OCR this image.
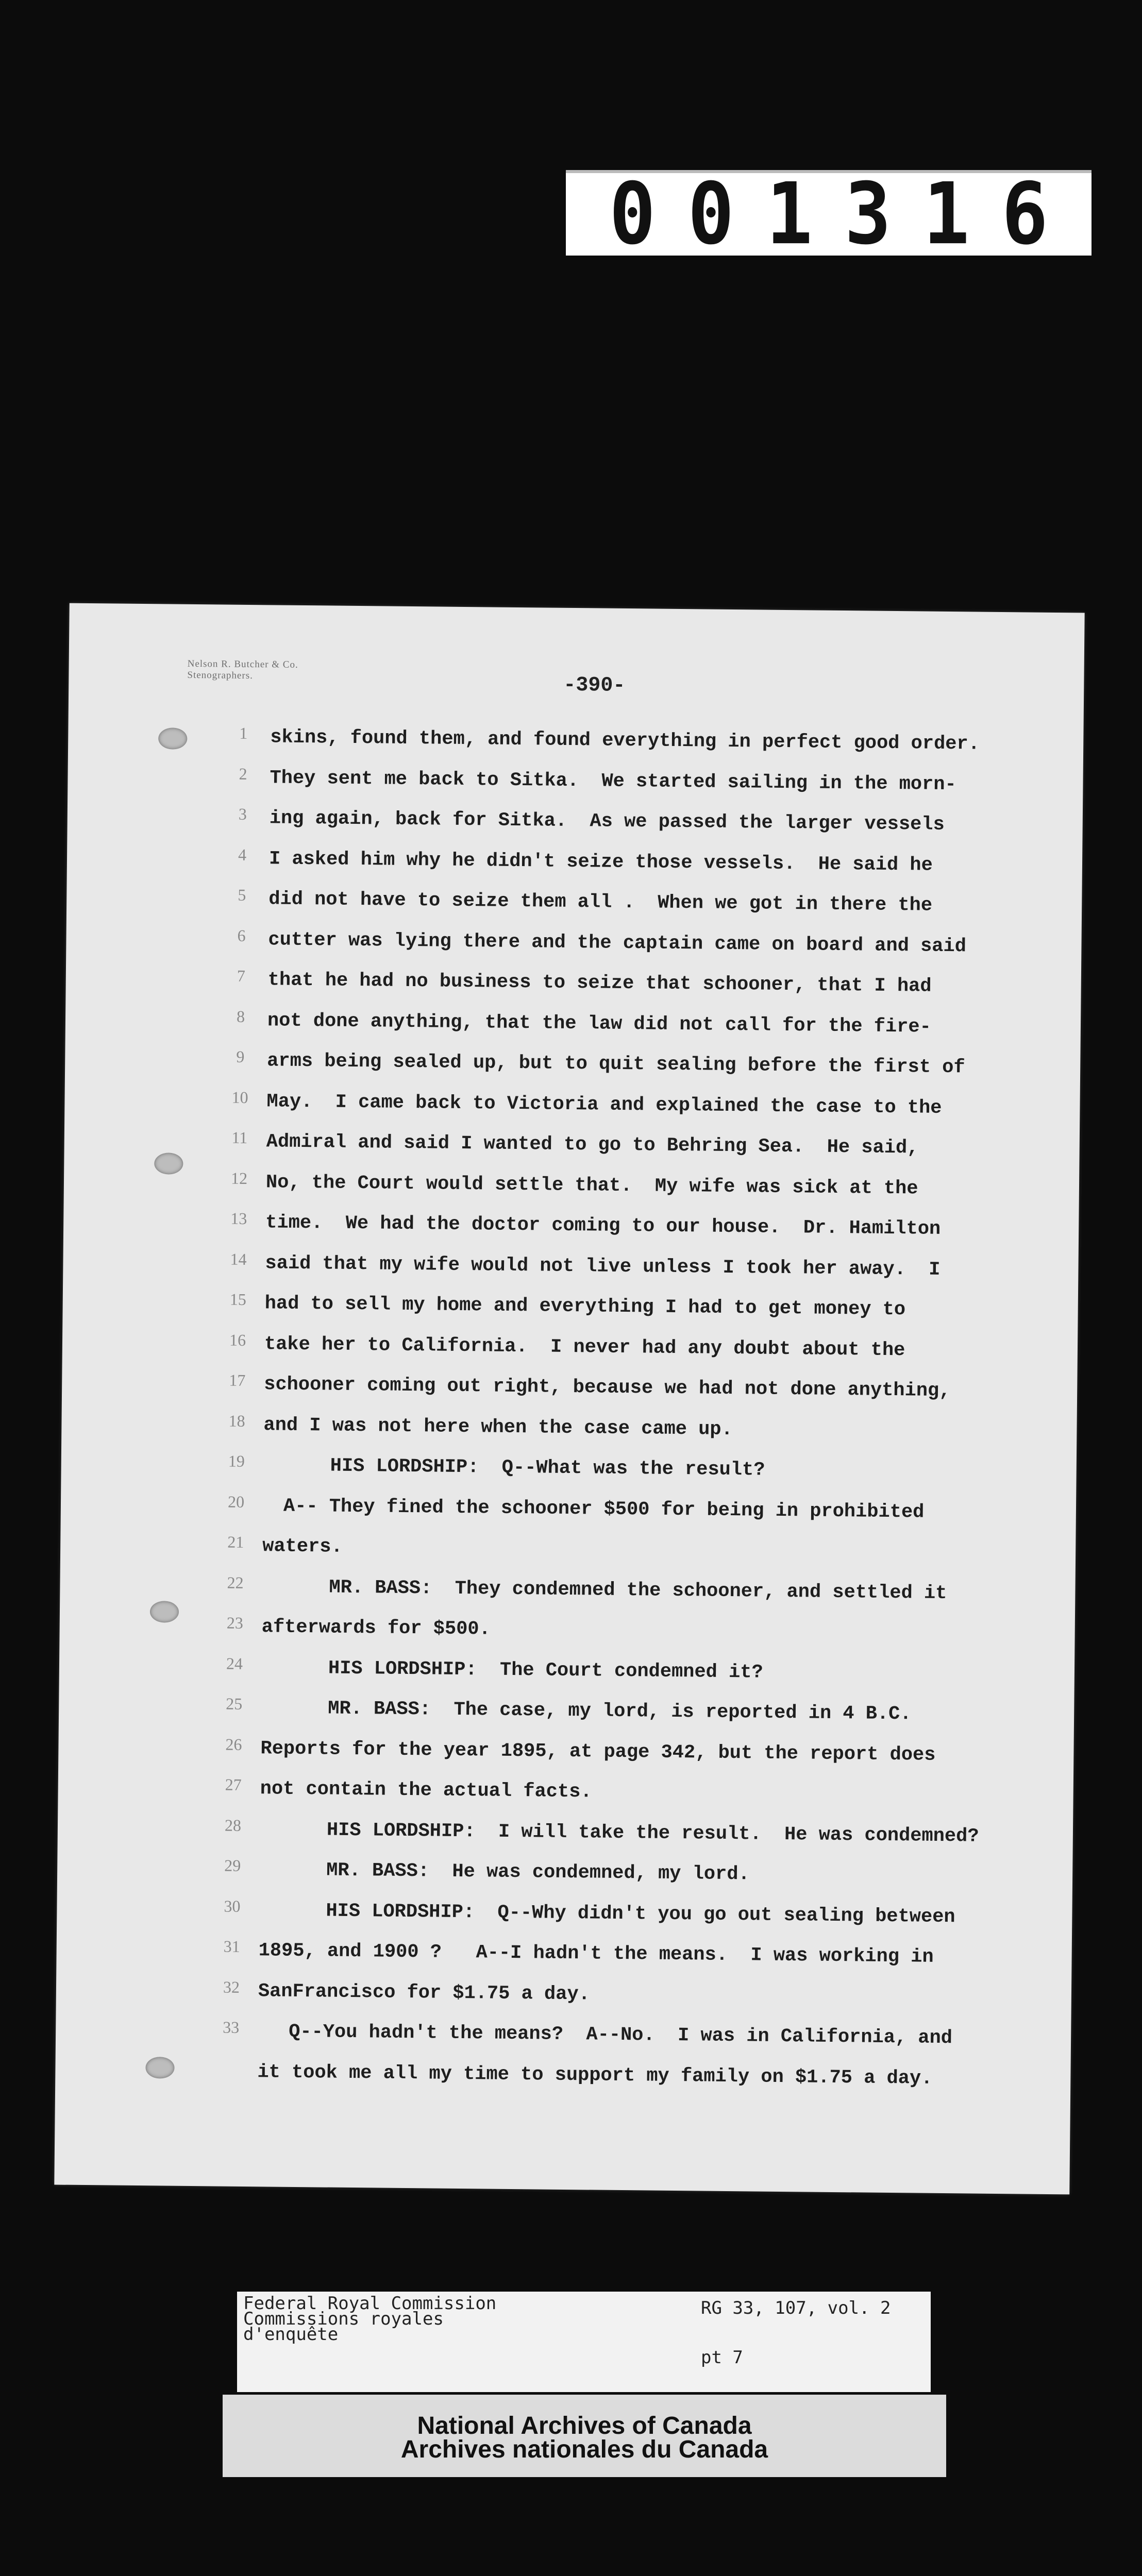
001316
Nelson R. Butcher & Co.
Stenographers.	-390-
1
2
3
4
5
6
7
8
9
10
11
12
13
14
15
16
17
18
19
20
21
22
23
24
25
26
27
28
29
30
31
32
33
skins, found them, and found everything in perfect good order.
They sent me back to Sitka.  We started sailing in the morn-
ing again, back for Sitka.  As we passed the larger vessels
I asked him why he didn't seize those vessels.  He said he
did not have to seize them all .  When we got in there the
cutter was lying there and the captain came on board and said
that he had no business to seize that schooner, that I had
not done anything, that the law did not call for the fire-
arms being sealed up, but to quit sealing before the first of
May.  I came back to Victoria and explained the case to the
Admiral and said I wanted to go to Behring Sea.  He said,
No, the Court would settle that.  My wife was sick at the
time.  We had the doctor coming to our house.  Dr. Hamilton
said that my wife would not live unless I took her away.  I
had to sell my home and everything I had to get money to
take her to California.  I never had any doubt about the
schooner coming out right, because we had not done anything,
and I was not here when the case came up.
HIS LORDSHIP:  Q--What was the result?
A-- They fined the schooner $500 for being in prohibited
waters.
MR. BASS:  They condemned the schooner, and settled it
afterwards for $500.
HIS LORDSHIP:  The Court condemned it?
MR. BASS:  The case, my lord, is reported in 4 B.C.
Reports for the year 1895, at page 342, but the report does
not contain the actual facts.
HIS LORDSHIP:  I will take the result.  He was condemned?
MR. BASS:  He was condemned, my lord.
HIS LORDSHIP:  Q--Why didn't you go out sealing between
1895, and 1900 ?   A--I hadn't the means.  I was working in
SanFrancisco for $1.75 a day.
Q--You hadn't the means?  A--No.  I was in California, and
it took me all my time to support my family on $1.75 a day.
Federal Royal Commission
Commissions royales
d'enquête
RG 33, 107, vol. 2
pt 7
National Archives of Canada
Archives nationales du Canada
